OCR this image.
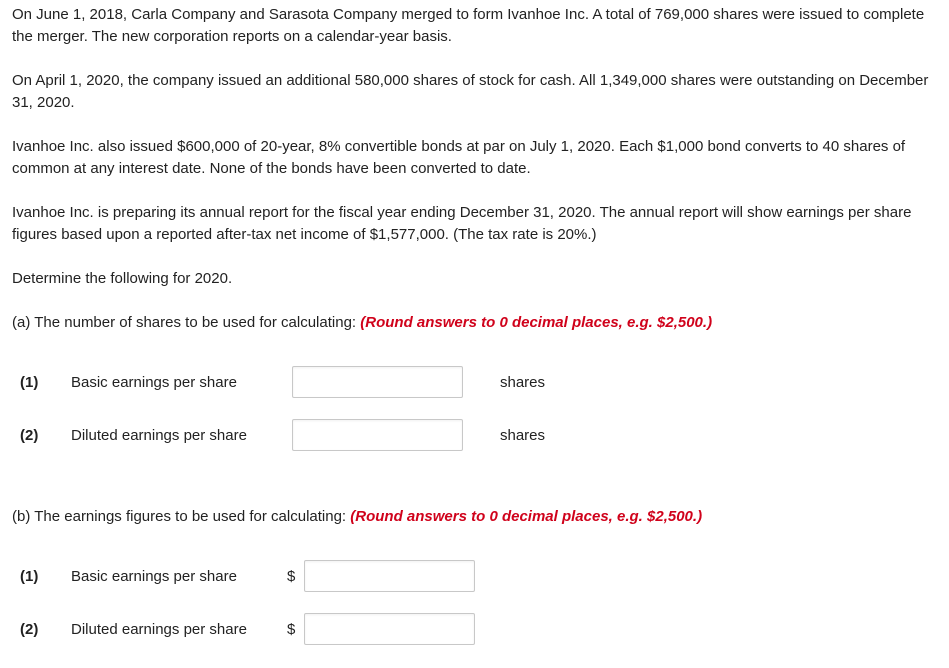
On June 1, 2018, Carla Company and Sarasota Company merged to form Ivanhoe Inc. A total of 769,000 shares were issued to complete the merger. The new corporation reports on a calendar-year basis.

On April 1, 2020, the company issued an additional 580,000 shares of stock for cash. All 1,349,000 shares were outstanding on December 31, 2020.

Ivanhoe Inc. also issued $600,000 of 20-year, 8% convertible bonds at par on July 1, 2020. Each $1,000 bond converts to 40 shares of common at any interest date. None of the bonds have been converted to date.

Ivanhoe Inc. is preparing its annual report for the fiscal year ending December 31, 2020. The annual report will show earnings per share figures based upon a reported after-tax net income of $1,577,000. (The tax rate is 20%.)

Determine the following for 2020.

(a) The number of shares to be used for calculating: (Round answers to 0 decimal places, e.g. $2,500.)

(1) Basic earnings per share	shares
(2) Diluted earnings per share	shares

(b) The earnings figures to be used for calculating: (Round answers to 0 decimal places, e.g. $2,500.)

(1) Basic earnings per share	$
(2) Diluted earnings per share	$
